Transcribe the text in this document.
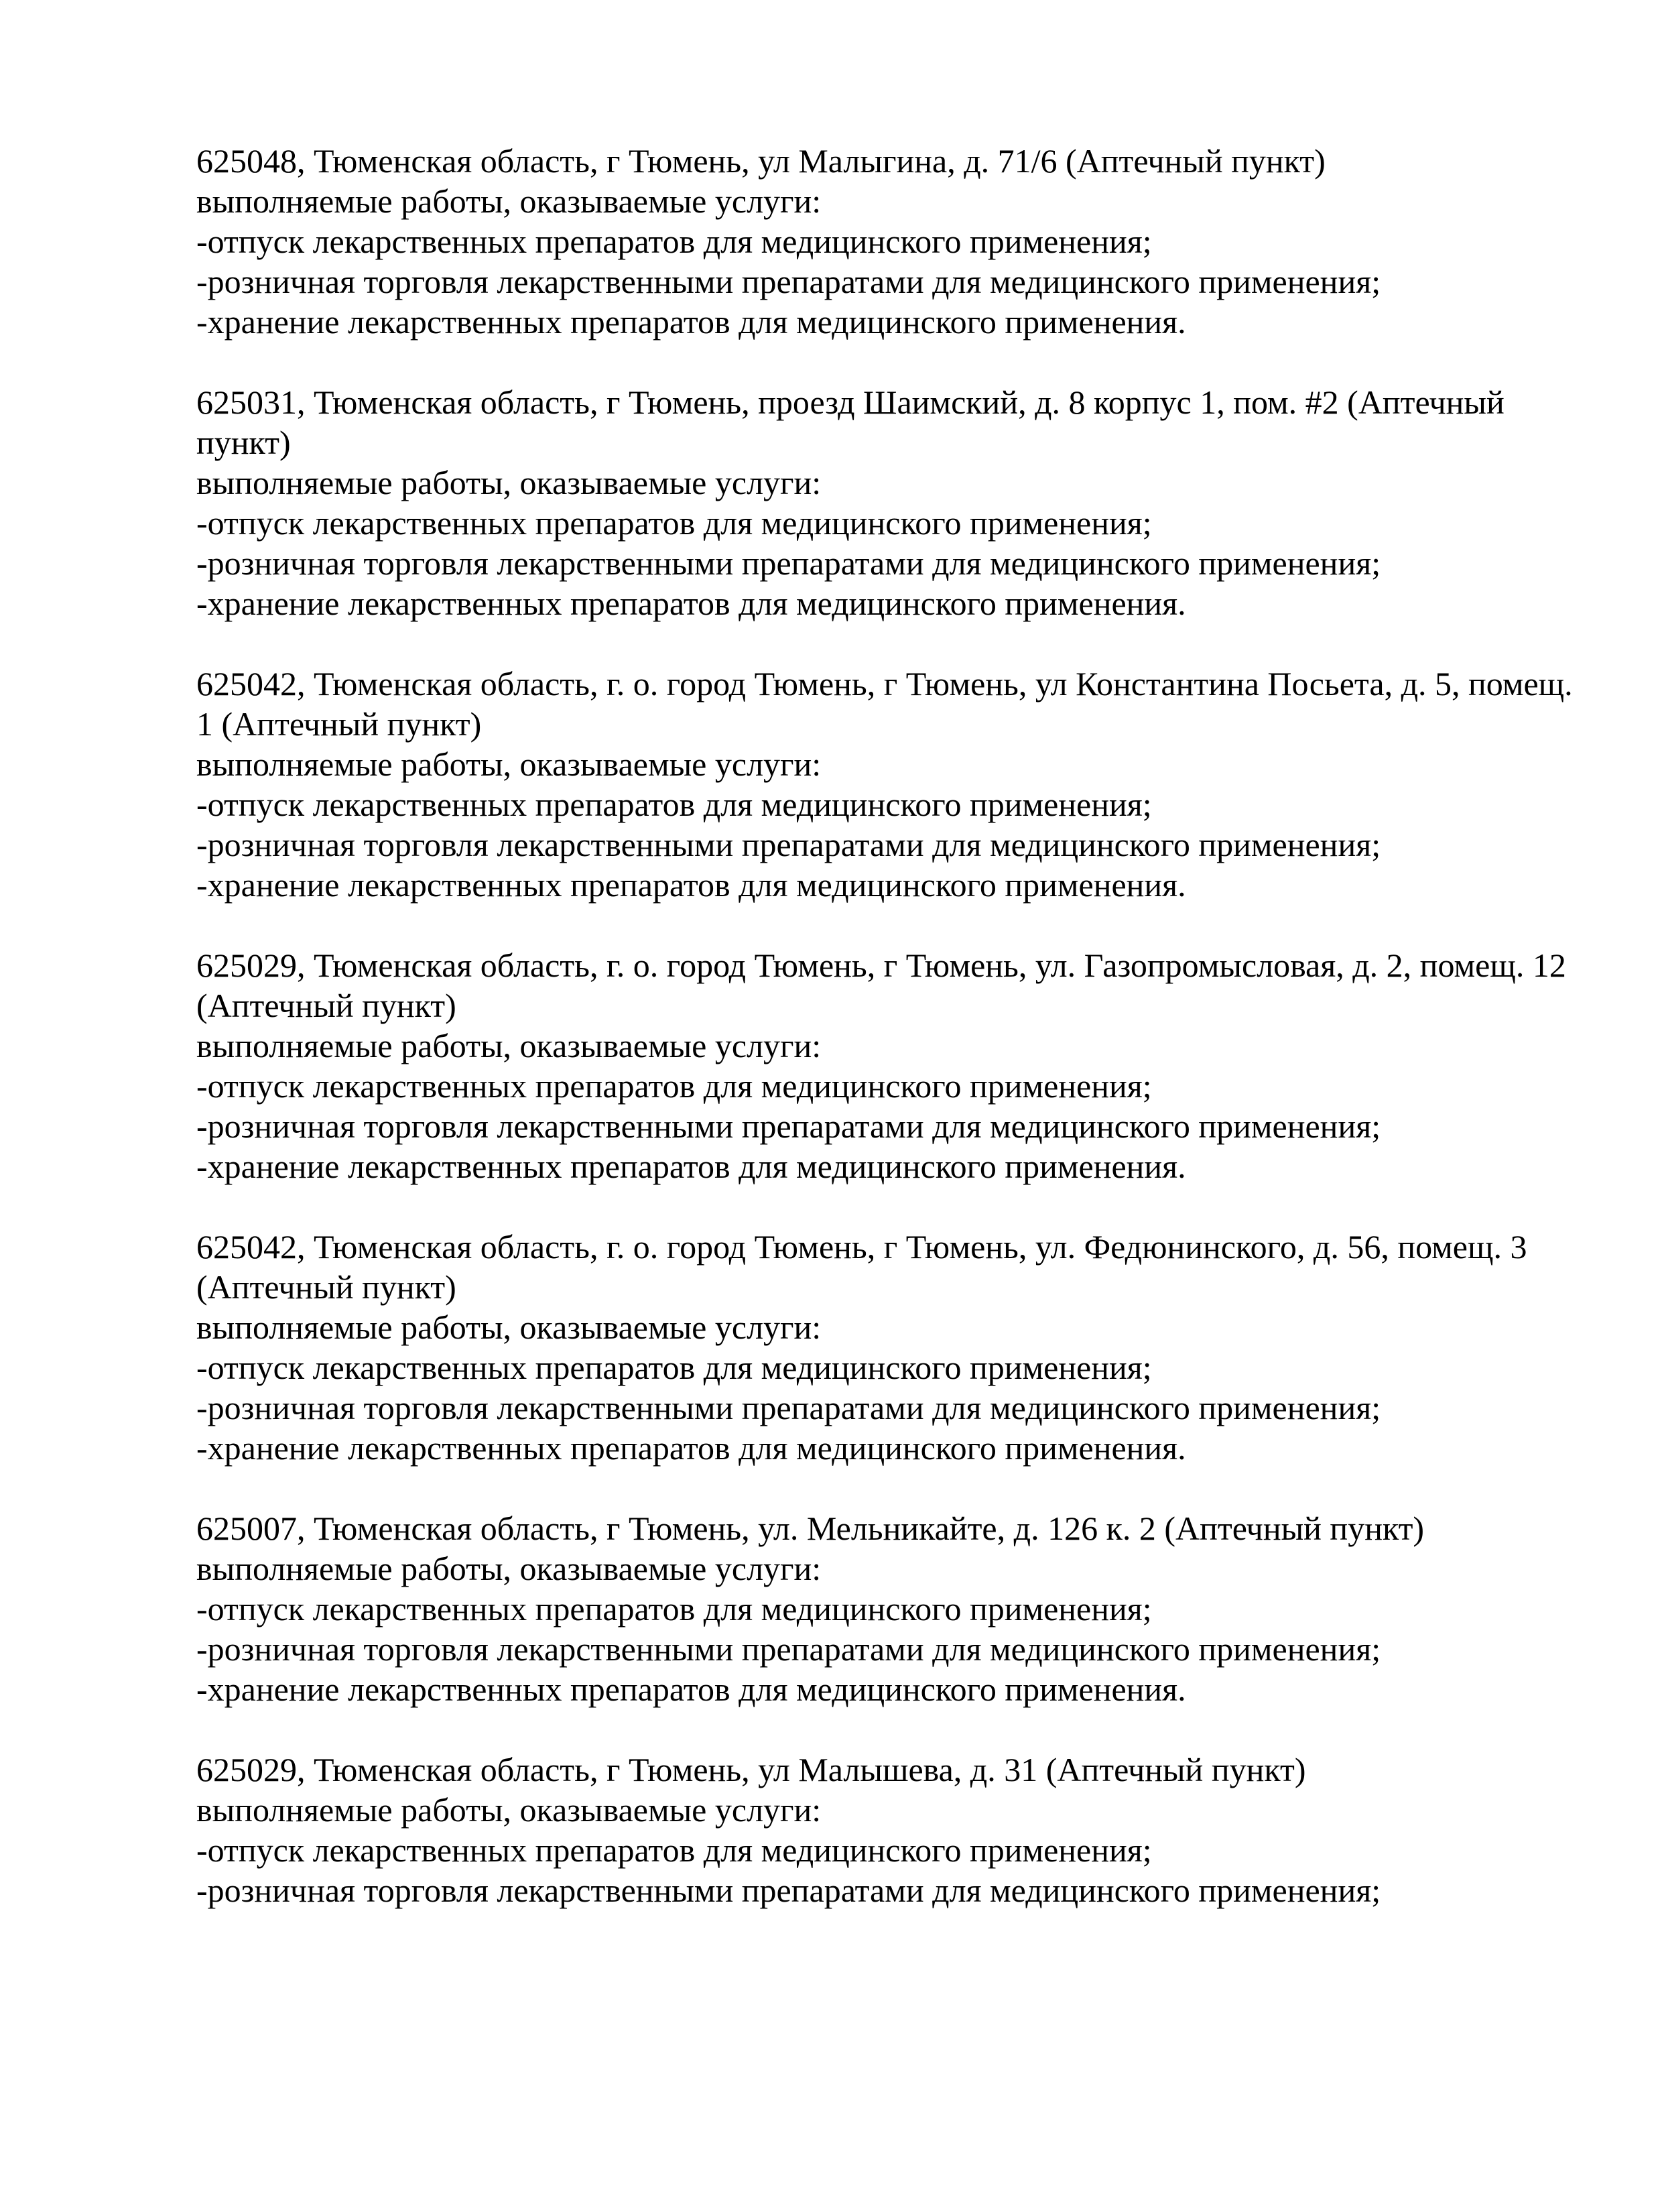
625048, Тюменская область, г Тюмень, ул Малыгина, д. 71/6 (Аптечный пункт)
выполняемые работы, оказываемые услуги:
-отпуск лекарственных препаратов для медицинского применения;
-розничная торговля лекарственными препаратами для медицинского применения;
-хранение лекарственных препаратов для медицинского применения.
625031, Тюменская область, г Тюмень, проезд Шаимский, д. 8 корпус 1, пом. #2 (Аптечный
пункт)
выполняемые работы, оказываемые услуги:
-отпуск лекарственных препаратов для медицинского применения;
-розничная торговля лекарственными препаратами для медицинского применения;
-хранение лекарственных препаратов для медицинского применения.
625042, Тюменская область, г. о. город Тюмень, г Тюмень, ул Константина Посьета, д. 5, помещ.
1 (Аптечный пункт)
выполняемые работы, оказываемые услуги:
-отпуск лекарственных препаратов для медицинского применения;
-розничная торговля лекарственными препаратами для медицинского применения;
-хранение лекарственных препаратов для медицинского применения.
625029, Тюменская область, г. о. город Тюмень, г Тюмень, ул. Газопромысловая, д. 2, помещ. 12
(Аптечный пункт)
выполняемые работы, оказываемые услуги:
-отпуск лекарственных препаратов для медицинского применения;
-розничная торговля лекарственными препаратами для медицинского применения;
-хранение лекарственных препаратов для медицинского применения.
625042, Тюменская область, г. о. город Тюмень, г Тюмень, ул. Федюнинского, д. 56, помещ. 3
(Аптечный пункт)
выполняемые работы, оказываемые услуги:
-отпуск лекарственных препаратов для медицинского применения;
-розничная торговля лекарственными препаратами для медицинского применения;
-хранение лекарственных препаратов для медицинского применения.
625007, Тюменская область, г Тюмень, ул. Мельникайте, д. 126 к. 2 (Аптечный пункт)
выполняемые работы, оказываемые услуги:
-отпуск лекарственных препаратов для медицинского применения;
-розничная торговля лекарственными препаратами для медицинского применения;
-хранение лекарственных препаратов для медицинского применения.
625029, Тюменская область, г Тюмень, ул Малышева, д. 31 (Аптечный пункт)
выполняемые работы, оказываемые услуги:
-отпуск лекарственных препаратов для медицинского применения;
-розничная торговля лекарственными препаратами для медицинского применения;
